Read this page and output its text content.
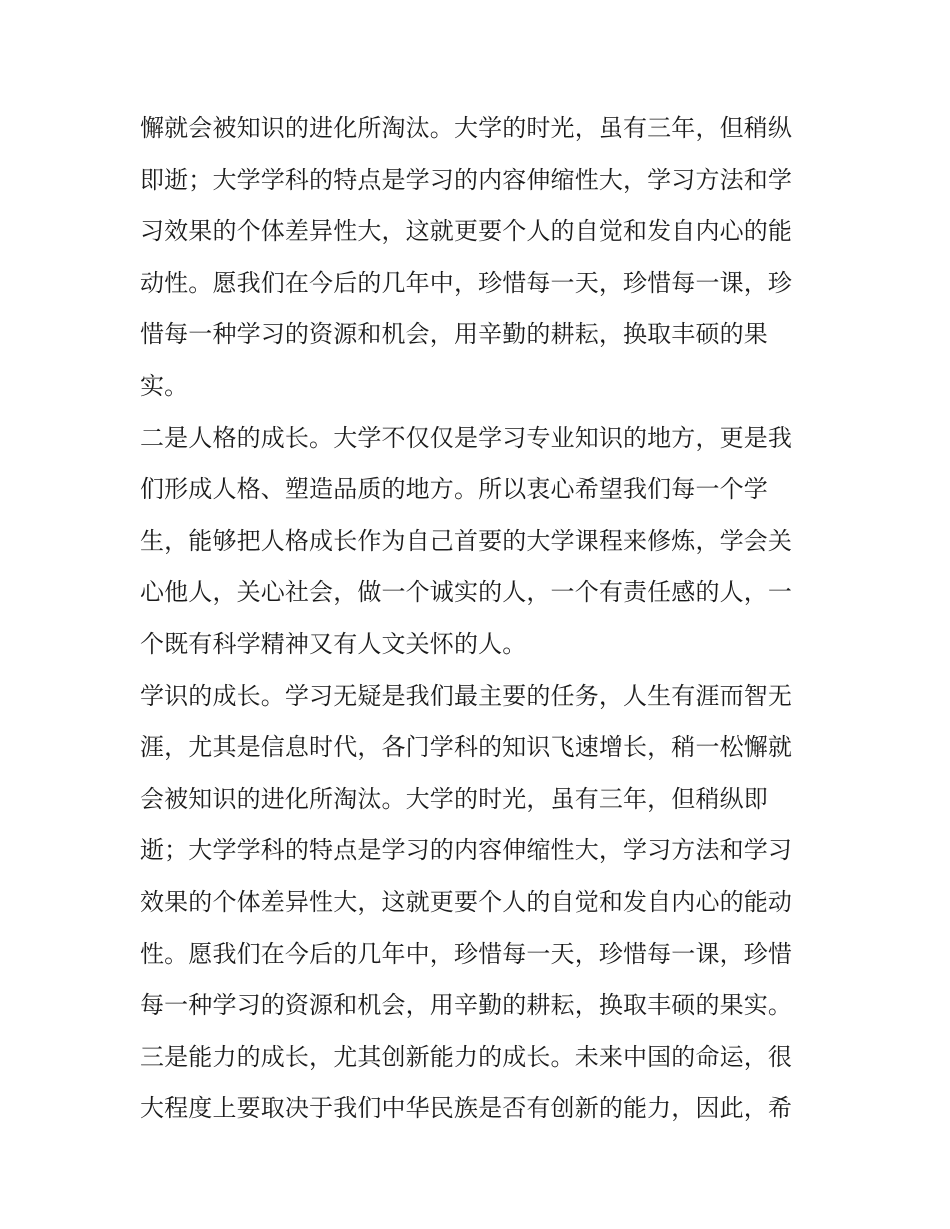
懈就会被知识的进化所淘汰。大学的时光，虽有三年，但稍纵
即逝；大学学科的特点是学习的内容伸缩性大，学习方法和学
习效果的个体差异性大，这就更要个人的自觉和发自内心的能
动性。愿我们在今后的几年中，珍惜每一天，珍惜每一课，珍
惜每一种学习的资源和机会，用辛勤的耕耘，换取丰硕的果
实。
二是人格的成长。大学不仅仅是学习专业知识的地方，更是我
们形成人格、塑造品质的地方。所以衷心希望我们每一个学
生，能够把人格成长作为自己首要的大学课程来修炼，学会关
心他人，关心社会，做一个诚实的人，一个有责任感的人，一
个既有科学精神又有人文关怀的人。
学识的成长。学习无疑是我们最主要的任务，人生有涯而智无
涯，尤其是信息时代，各门学科的知识飞速增长，稍一松懈就
会被知识的进化所淘汰。大学的时光，虽有三年，但稍纵即
逝；大学学科的特点是学习的内容伸缩性大，学习方法和学习
效果的个体差异性大，这就更要个人的自觉和发自内心的能动
性。愿我们在今后的几年中，珍惜每一天，珍惜每一课，珍惜
每一种学习的资源和机会，用辛勤的耕耘，换取丰硕的果实。
三是能力的成长，尤其创新能力的成长。未来中国的命运，很
大程度上要取决于我们中华民族是否有创新的能力，因此，希
